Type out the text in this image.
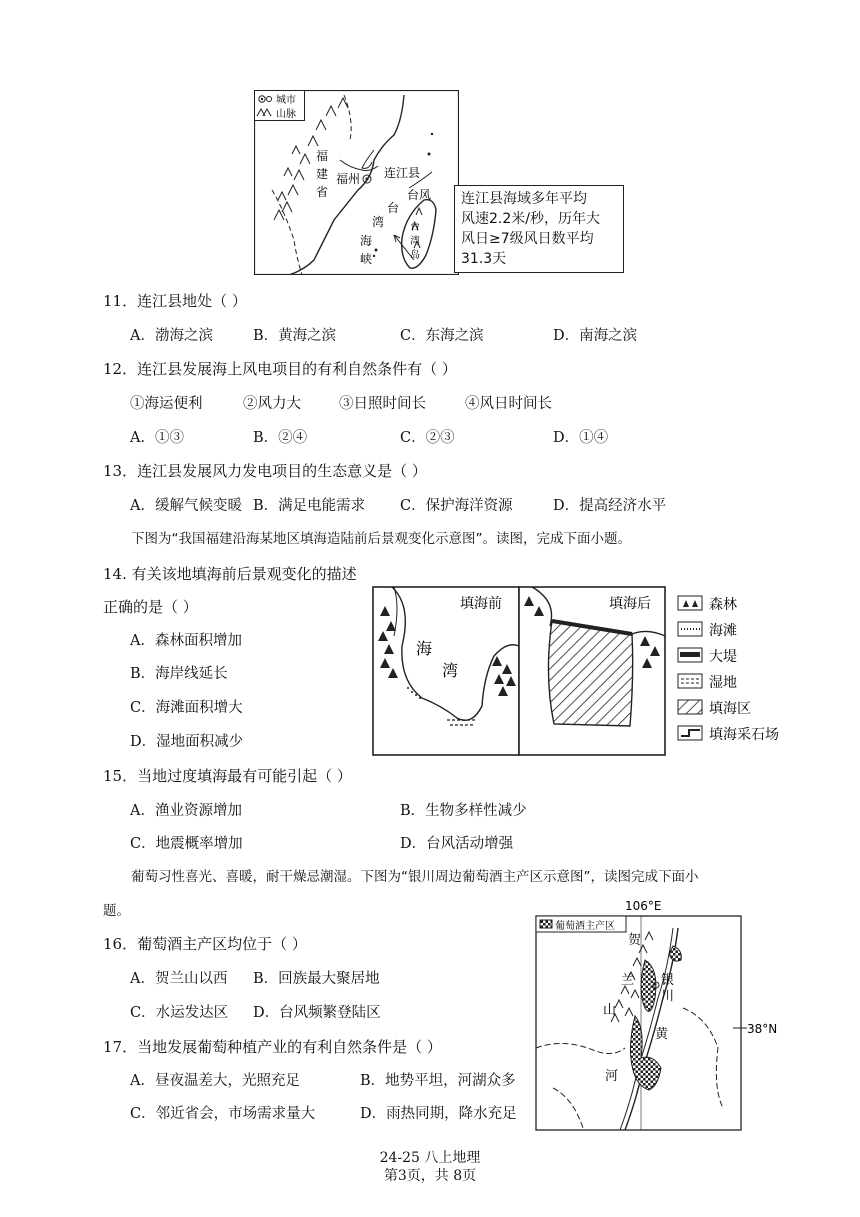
城市
山脉
福
建
省
福州 连江县
台风
台
湾
海
峡
台
湾
岛
连江县海域多年平均
风速2.2米/秒，历年大
风日≥7级风日数平均
31.3天
11．连江县地处（ ）
A．渤海之滨	B．黄海之滨	C．东海之滨	D．南海之滨
12．连江县发展海上风电项目的有利自然条件有（ ）
①海运便利	②风力大	③日照时间长	④风日时间长
A．①③	B．②④	C．②③	D．①④
13．连江县发展风力发电项目的生态意义是（ ）
A．缓解气候变暖 B．满足电能需求 C．保护海洋资源	D．提高经济水平
下图为“我国福建沿海某地区填海造陆前后景观变化示意图”。读图，完成下面小题。
14. 有关该地填海前后景观变化的描述
正确的是（ ）
A．森林面积增加
B．海岸线延长
C．海滩面积增大
D．湿地面积减少
填海前
海
湾
填海后	森林
海滩
大堤
湿地
填海区
填海采石场
15．当地过度填海最有可能引起（ ）
A．渔业资源增加	B．生物多样性减少
C．地震概率增加	D．台风活动增强
葡萄习性喜光、喜暖，耐干燥忌潮湿。下图为“银川周边葡萄酒主产区示意图”，读图完成下面小
题。
16．葡萄酒主产区均位于（ ）
A．贺兰山以西 B．回族最大聚居地
C．水运发达区 D．台风频繁登陆区
17．当地发展葡萄种植产业的有利自然条件是（ ）
A．昼夜温差大，光照充足	B．地势平坦，河湖众多
C．邻近省会，市场需求量大	D．雨热同期，降水充足
106°E
葡萄酒主产区
38°N
贺
兰
山
银
川
黄
河
24-25 八上地理
第3页，共 8页
